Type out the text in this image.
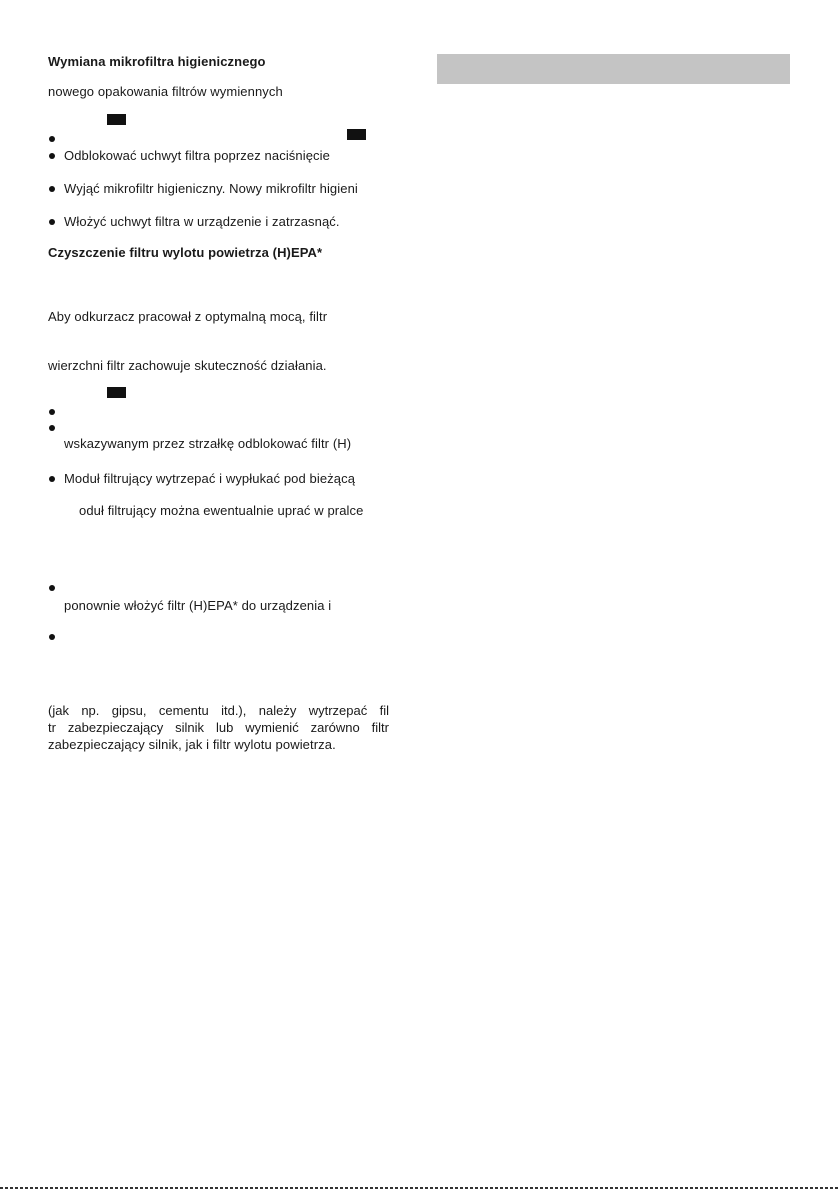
Wymiana mikrofiltra higienicznego
nowego opakowania filtrów wymiennych
Odblokować uchwyt filtra poprzez naciśnięcie
Wyjąć mikrofiltr higieniczny. Nowy mikrofiltr higieni
Włożyć uchwyt filtra w urządzenie i zatrzasnąć.
Czyszczenie filtru wylotu powietrza (H)EPA*
Aby odkurzacz pracował z optymalną mocą, filtr
wierzchni filtr zachowuje skuteczność działania.
wskazywanym przez strzałkę odblokować filtr (H)
Moduł filtrujący wytrzepać i wypłukać pod bieżącą
oduł filtrujący można ewentualnie uprać w pralce
ponownie włożyć filtr (H)EPA* do urządzenia i
(jak np. gipsu, cementu itd.), należy wytrzepać fil
tr zabezpieczający silnik lub wymienić zarówno filtr
zabezpieczający silnik, jak i filtr wylotu powietrza.
